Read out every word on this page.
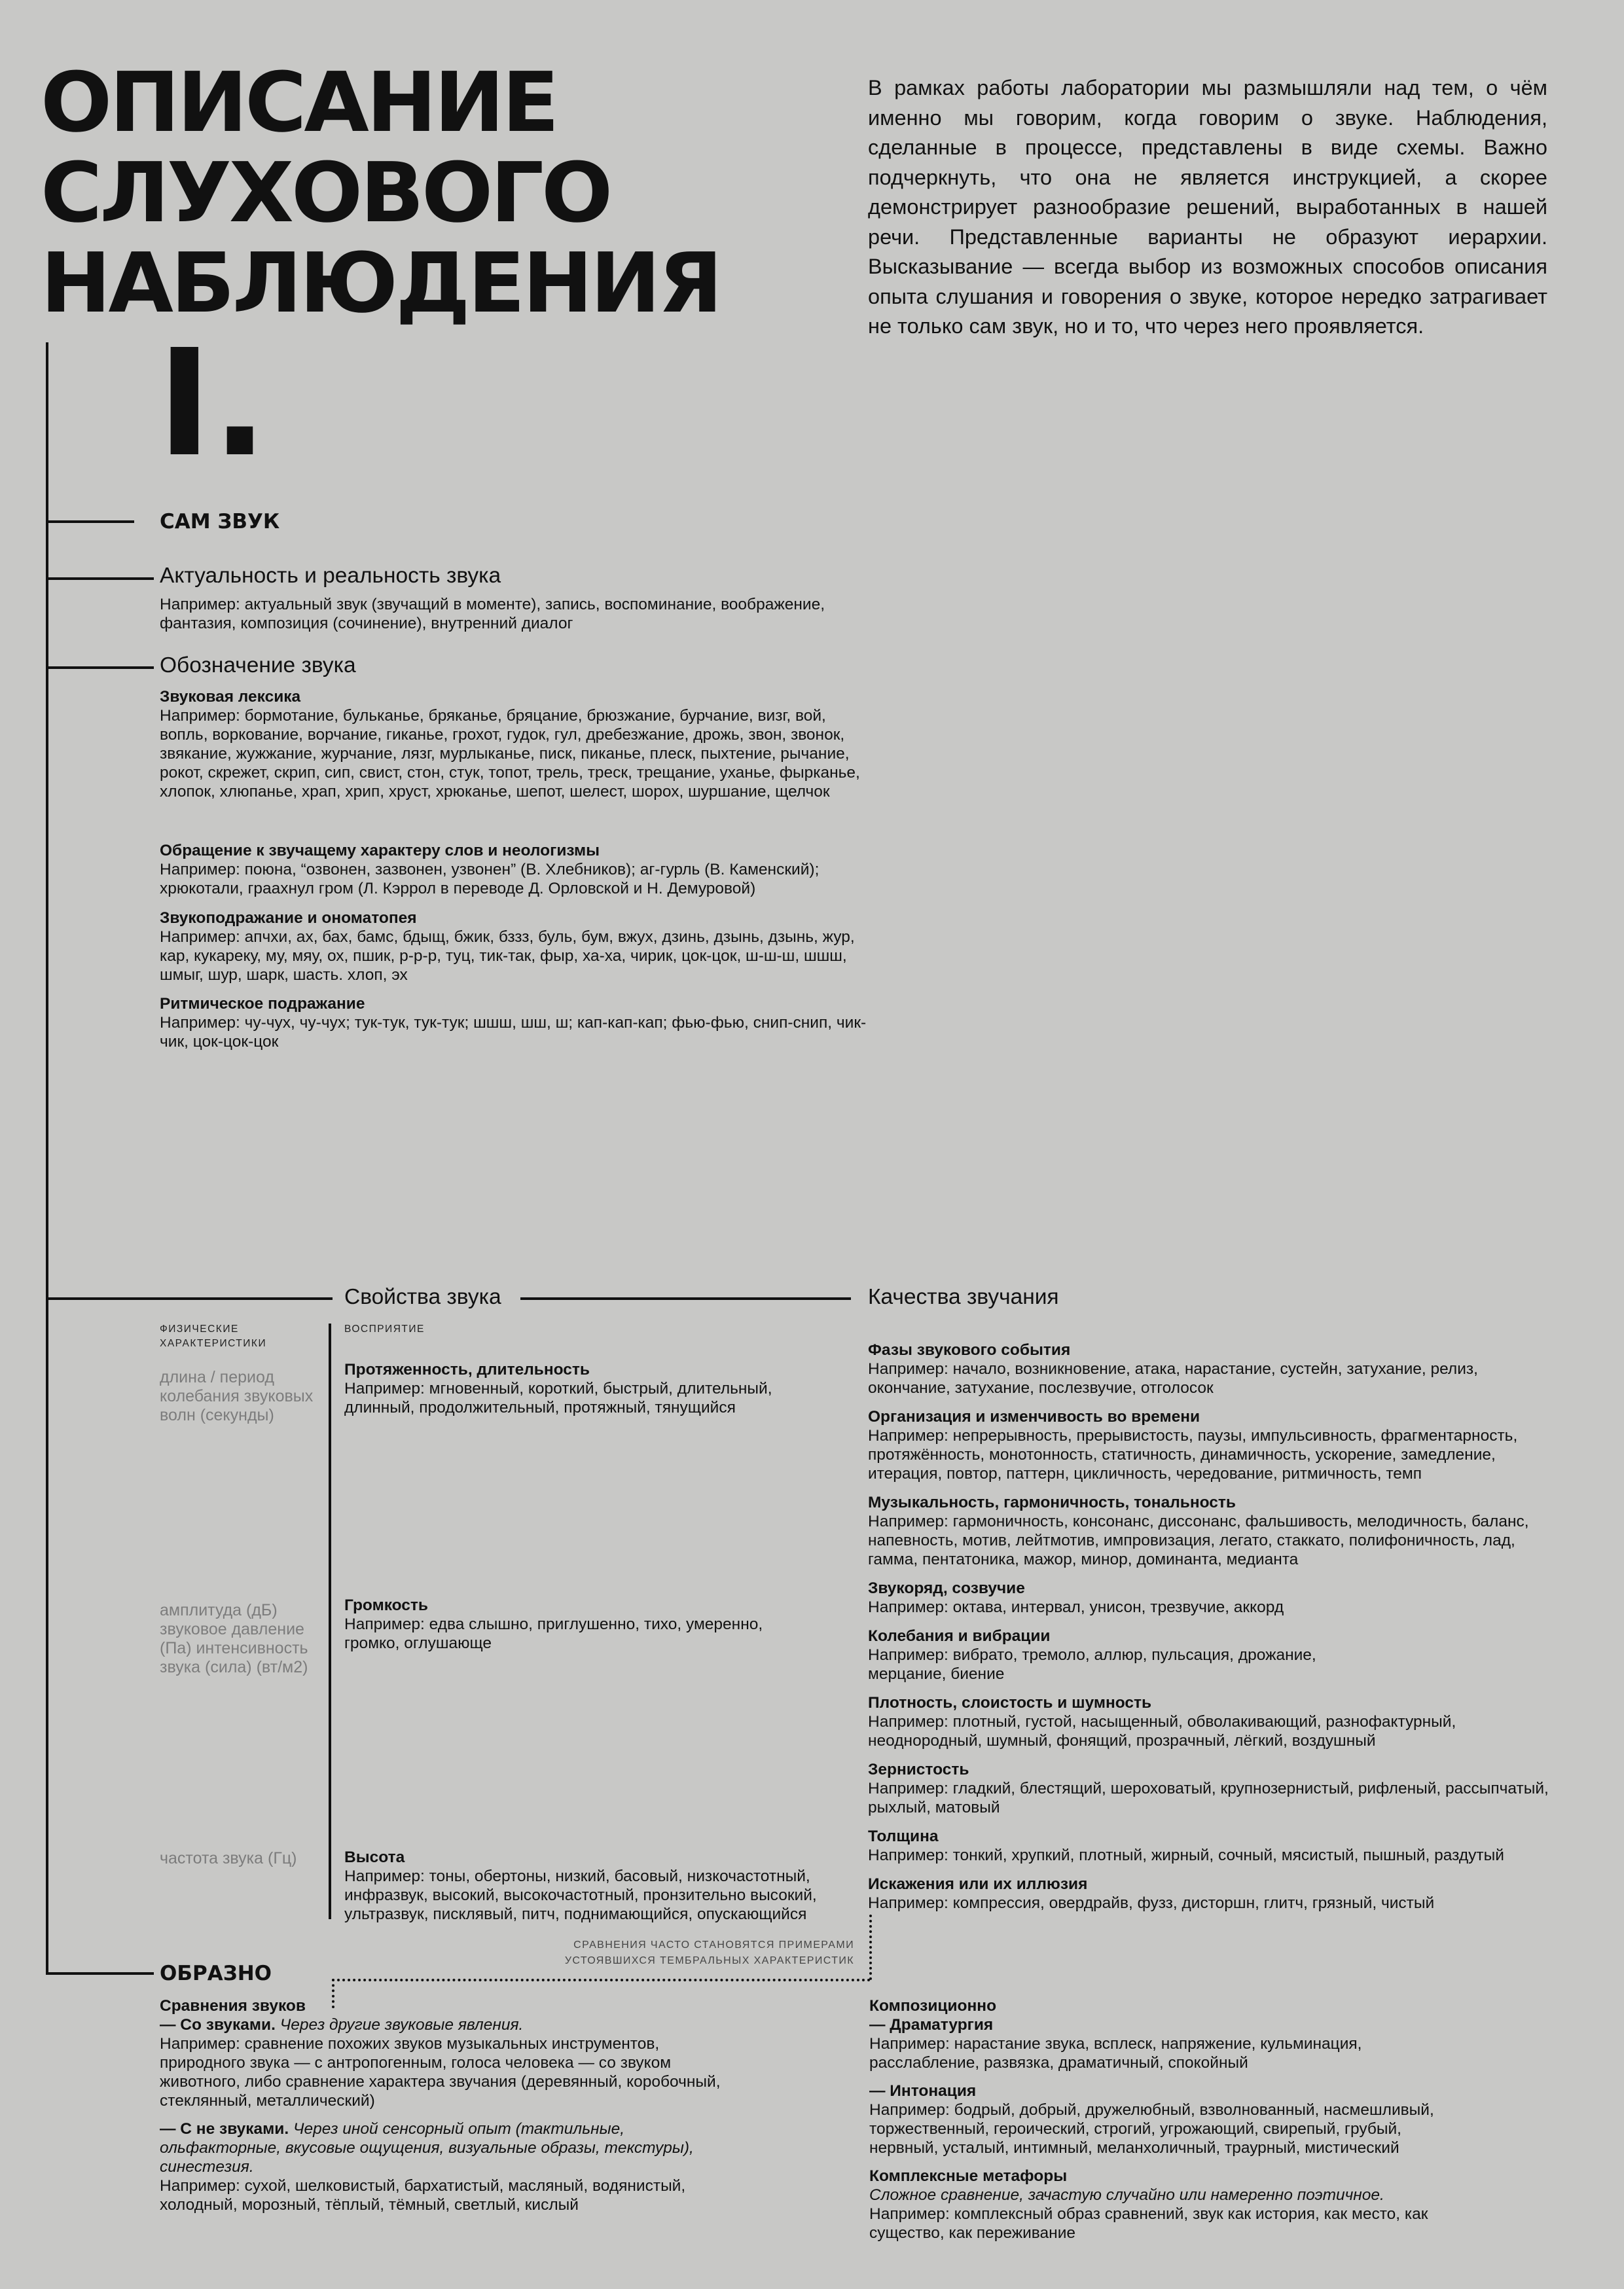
ОПИСАНИЕ
СЛУХОВОГО
НАБЛЮДЕНИЯ
В рамках работы лаборатории мы размышляли над тем, о чём именно мы говорим, когда говорим о звуке. Наблюдения, сделанные в процессе, представлены в виде схемы. Важно подчеркнуть, что она не является инструкцией, а скорее демонстрирует разнообразие решений, выработанных в нашей речи. Представленные варианты не образуют иерархии. Высказывание — всегда выбор из возможных способов описания опыта слушания и говорения о звуке, которое нередко затрагивает не только сам звук, но и то, что через него проявляется.
I.
САМ ЗВУК

Актуальность и реальность звука

Например: актуальный звук (звучащий в моменте), запись, воспоминание, воображение, фантазия, композиция (сочинение), внутренний диалог

Обозначение звука

Звуковая лексика

Например: бормотание, бульканье, бряканье, бряцание, брюзжание, бурчание, визг, вой, вопль, воркование, ворчание, гиканье, грохот, гудок, гул, дребезжание, дрожь, звон, звонок, звякание, жужжание, журчание, лязг, мурлыканье, писк, пиканье, плеск, пыхтение, рычание, рокот, скрежет, скрип, сип, свист, стон, стук, топот, трель, треск, трещание, уханье, фырканье, хлопок, хлюпанье, храп, хрип, хруст, хрюканье, шепот, шелест, шорох, шуршание, щелчок

Обращение к звучащему характеру слов и неологизмы

Например: поюна, “озвонен, зазвонен, узвонен” (В. Хлебников); аг-гурль (В. Каменский); хрюкотали, граахнул гром (Л. Кэррол в переводе Д. Орловской и Н. Демуровой)

Звукоподражание и ономатопея

Например: апчхи, ах, бах, бамс, бдыщ, бжик, бззз, буль, бум, вжух, дзинь, дзынь, дзынь, жур, кар, кукареку, му, мяу, ох, пшик, р-р-р, туц, тик-так, фыр, ха-ха, чирик, цок-цок, ш-ш-ш, шшш, шмыг, шур, шарк, шасть. хлоп, эх

Ритмическое подражание

Например: чу-чух, чу-чух; тук-тук, тук-тук; шшш, шш, ш; кап-кап-кап; фью-фью, снип-снип, чик-чик, цок-цок-цок

Свойства звука
ФИЗИЧЕСКИЕ ХАРАКТЕРИСТИКИ
ВОСПРИЯТИЕ
длина / период колебания звуковых волн (секунды)
амплитуда (дБ) звуковое давление (Па) интенсивность звука (сила) (вт/м2)
частота звука (Гц)

Протяженность, длительность

Например: мгновенный, короткий, быстрый, длительный, длинный, продолжительный, протяжный, тянущийся

Громкость

Например: едва слышно, приглушенно, тихо, умеренно, громко, оглушающе

Высота

Например: тоны, обертоны, низкий, басовый, низкочастотный, инфразвук, высокий, высокочастотный, пронзительно высокий, ультразвук, писклявый, питч, поднимающийся, опускающийся

Качества звучания

Фазы звукового события

Например: начало, возникновение, атака, нарастание, сустейн, затухание, релиз, окончание, затухание, послезвучие, отголосок

Организация и изменчивость во времени

Например: непрерывность, прерывистость, паузы, импульсивность, фрагментарность, протяжённость, монотонность, статичность, динамичность, ускорение, замедление, итерация, повтор, паттерн, цикличность, чередование, ритмичность, темп

Музыкальность, гармоничность, тональность

Например: гармоничность, консонанс, диссонанс, фальшивость, мелодичность, баланс, напевность, мотив, лейтмотив, импровизация, легато, стаккато, полифоничность, лад, гамма, пентатоника, мажор, минор, доминанта, медианта

Звукоряд, созвучие

Например: октава, интервал, унисон, трезвучие, аккорд

Колебания и вибрации

Например: вибрато, тремоло, аллюр, пульсация, дрожание, мерцание, биение

Плотность, слоистость и шумность

Например: плотный, густой, насыщенный, обволакивающий, разнофактурный, неоднородный, шумный, фонящий, прозрачный, лёгкий, воздушный

Зернистость

Например: гладкий, блестящий, шероховатый, крупнозернистый, рифленый, рассыпчатый, рыхлый, матовый

Толщина

Например: тонкий, хрупкий, плотный, жирный, сочный, мясистый, пышный, раздутый

Искажения или их иллюзия

Например: компрессия, овердрайв, фузз, дисторшн, глитч, грязный, чистый

СРАВНЕНИЯ ЧАСТО СТАНОВЯТСЯ ПРИМЕРАМИ
УСТОЯВШИХСЯ ТЕМБРАЛЬНЫХ ХАРАКТЕРИСТИК
ОБРАЗНО

Сравнения звуков

— Со звуками. Через другие звуковые явления.

Например: сравнение похожих звуков музыкальных инструментов, природного звука — с антропогенным, голоса человека — со звуком животного, либо сравнение характера звучания (деревянный, коробочный, стеклянный, металлический)

— С не звуками. Через иной сенсорный опыт (тактильные, ольфакторные, вкусовые ощущения, визуальные образы, текстуры), синестезия.

Например: сухой, шелковистый, бархатистый, масляный, водянистый, холодный, морозный, тёплый, тёмный, светлый, кислый

Композиционно

— Драматургия

Например: нарастание звука, всплеск, напряжение, кульминация, расслабление, развязка, драматичный, спокойный

— Интонация

Например: бодрый, добрый, дружелюбный, взволнованный, насмешливый, торжественный, героический, строгий, угрожающий, свирепый, грубый, нервный, усталый, интимный, меланхоличный, траурный, мистический

Комплексные метафоры

Сложное сравнение, зачастую случайно или намеренно поэтичное.

Например: комплексный образ сравнений, звук как история, как место, как существо, как переживание
